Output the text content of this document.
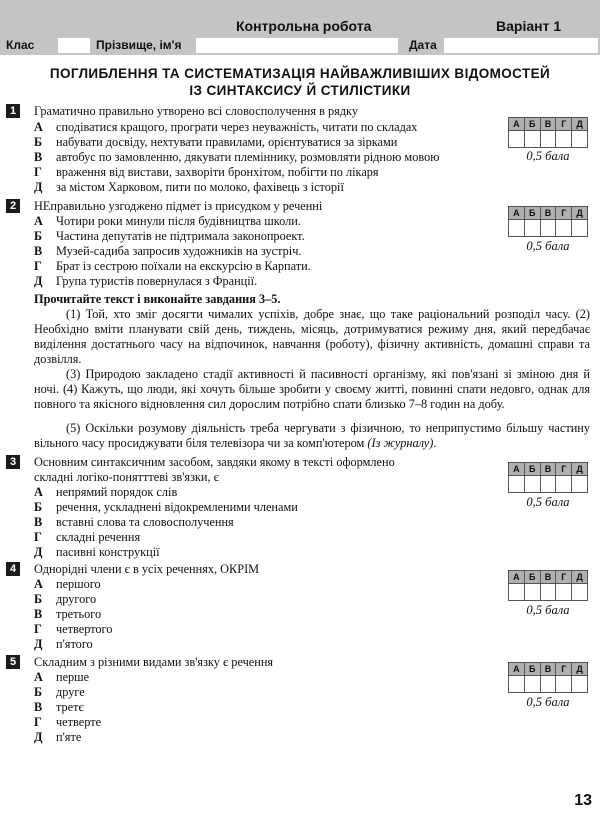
Контрольна робота	Варіант 1
Клас	Прізвище, ім'я	Дата
ПОГЛИБЛЕННЯ ТА СИСТЕМАТИЗАЦІЯ НАЙВАЖЛИВІШИХ ВІДОМОСТЕЙ
ІЗ СИНТАКСИСУ Й СТИЛІСТИКИ
1	Граматично правильно утворено всі словосполучення в рядку
А	Б	В	Г	Д
0,5 бала
А сподіватися кращого, програти через неуважність, читати по складах
Б набувати досвіду, нехтувати правилами, орієнтуватися за зірками
В автобус по замовленню, дякувати племіннику, розмовляти рідною мовою
Г враження від вистави, захворіти бронхітом, побігти по лікаря
Д за містом Харковом, пити по молоко, фахівець з історії
2	НЕправильно узгоджено підмет із присудком у реченні	А	Б	В	Г	Д
0,5 бала
А Чотири роки минули після будівництва школи.
Б Частина депутатів не підтримала законопроект.
В Музей-садиба запросив художників на зустріч.
Г Брат із сестрою поїхали на екскурсію в Карпати.
Д Група туристів повернулася з Франції.
Прочитайте текст і виконайте завдання 3–5.
(1) Той, хто зміг досягти чималих успіхів, добре знає, що таке раціональний розподіл часу. (2) Необхідно вміти планувати свій день, тиждень, місяць, дотримуватися режиму дня, який передбачає виділення достатнього часу на відпочинок, навчання (роботу), фізичну активність, домашні справи та дозвілля.
(3) Природою закладено стадії активності й пасивності організму, які пов'язані зі зміною дня й ночі. (4) Кажуть, що люди, які хочуть більше зробити у своєму житті, повинні спати недовго, однак для повного та якісного відновлення сил дорослим потрібно спати близько 7–8 годин на добу.
(5) Оскільки розумову діяльність треба чергувати з фізичною, то неприпустимо більшу частину вільного часу просиджувати біля телевізора чи за комп'ютером (Із журналу).
3	Основним синтаксичним засобом, завдяки якому в тексті оформлено
складні логіко-понятттеві зв'язки, є
А	Б	В	Г	Д
0,5 бала
А непрямий порядок слів
Б речення, ускладнені відокремленими членами
В вставні слова та словосполучення
Г складні речення
Д пасивні конструкції
4	Однорідні члени є в усіх реченнях, ОКРІМ
А	Б	В	Г	Д
0,5 бала
А першого
Б другого
В третього
Г четвертого
Д п'ятого
5	Складним з різними видами зв'язку є речення	А	Б	В	Г	Д
0,5 бала
А перше
Б друге
В третє
Г четверте
Д п'яте
13
